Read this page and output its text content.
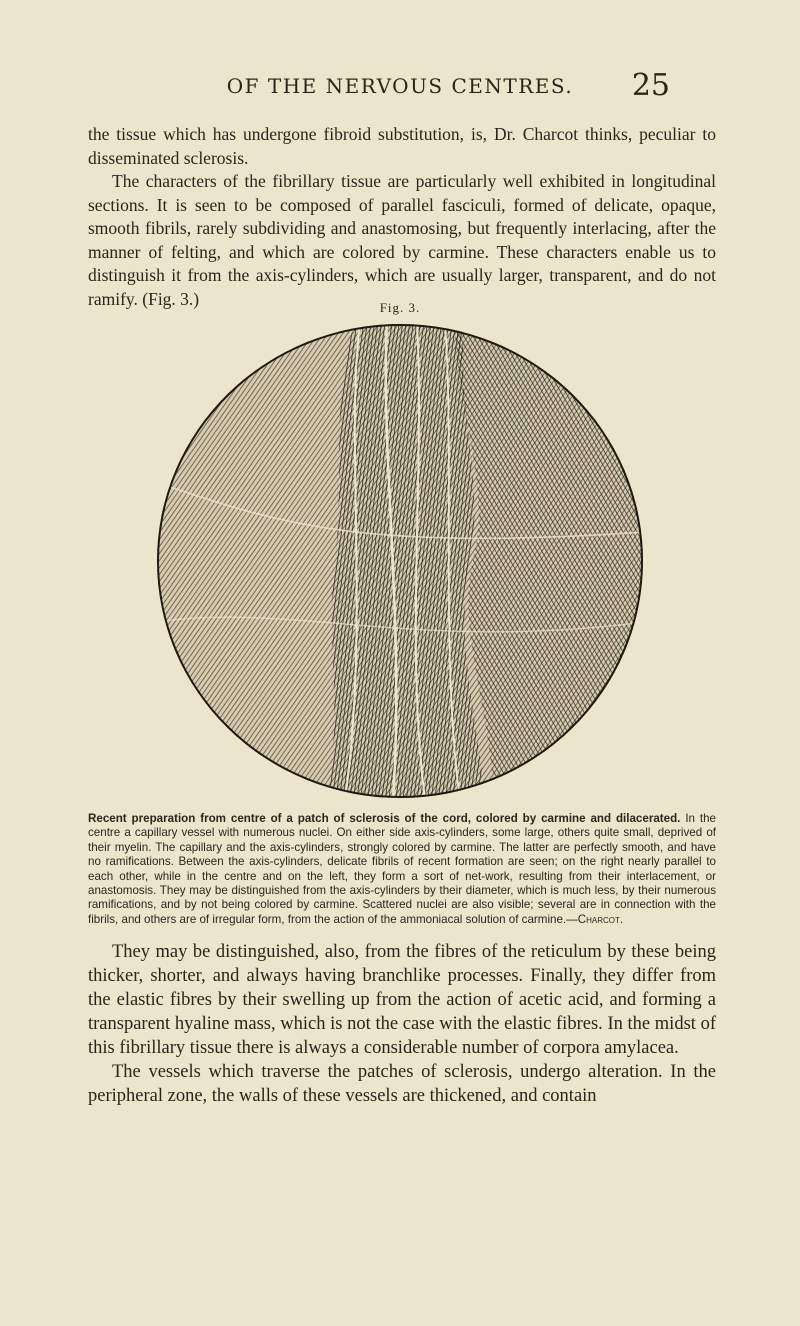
OF THE NERVOUS CENTRES.	25

the tissue which has undergone fibroid substitution, is, Dr. Charcot thinks, peculiar to disseminated sclerosis.

The characters of the fibrillary tissue are particularly well exhibited in longitudinal sections. It is seen to be composed of parallel fasciculi, formed of delicate, opaque, smooth fibrils, rarely subdividing and anastomosing, but frequently interlacing, after the manner of felting, and which are colored by carmine. These characters enable us to distinguish it from the axis-cylinders, which are usually larger, transparent, and do not ramify. (Fig. 3.)	Fig. 3.
Recent preparation from centre of a patch of sclerosis of the cord, colored by carmine and dilacerated. In the centre a capillary vessel with numerous nuclei. On either side axis-cylinders, some large, others quite small, deprived of their myelin. The capillary and the axis-cylinders, strongly colored by carmine. The latter are perfectly smooth, and have no ramifications. Between the axis-cylinders, delicate fibrils of recent formation are seen; on the right nearly parallel to each other, while in the centre and on the left, they form a sort of net-work, resulting from their interlacement, or anastomosis. They may be distinguished from the axis-cylinders by their diameter, which is much less, by their numerous ramifications, and by not being colored by carmine. Scattered nuclei are also visible; several are in connection with the fibrils, and others are of irregular form, from the action of the ammoniacal solution of carmine.—Charcot.

They may be distinguished, also, from the fibres of the reticulum by these being thicker, shorter, and always having branchlike processes. Finally, they differ from the elastic fibres by their swelling up from the action of acetic acid, and forming a transparent hyaline mass, which is not the case with the elastic fibres. In the midst of this fibrillary tissue there is always a considerable number of corpora amylacea.

The vessels which traverse the patches of sclerosis, undergo alteration. In the peripheral zone, the walls of these vessels are thickened, and contain
